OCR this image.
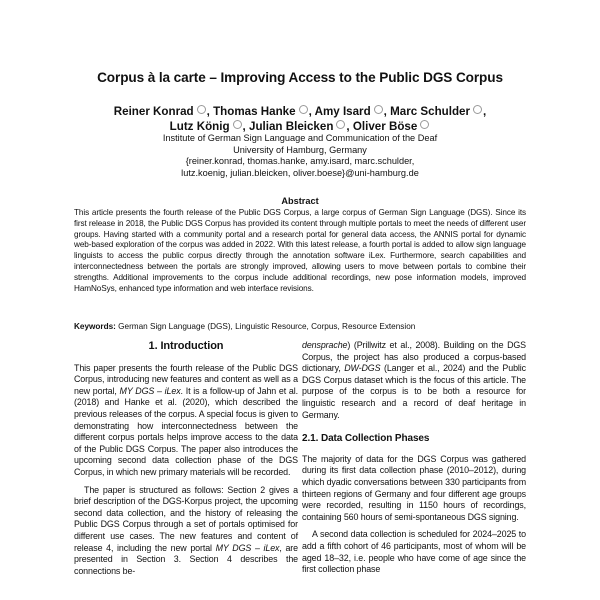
Corpus à la carte – Improving Access to the Public DGS Corpus
Reiner Konrad , Thomas Hanke , Amy Isard , Marc Schulder ,
Lutz König , Julian Bleicken , Oliver Böse
Institute of German Sign Language and Communication of the Deaf
University of Hamburg, Germany
{reiner.konrad, thomas.hanke, amy.isard, marc.schulder,
lutz.koenig, julian.bleicken, oliver.boese}@uni-hamburg.de
Abstract
This article presents the fourth release of the Public DGS Corpus, a large corpus of German Sign Language (DGS). Since its first release in 2018, the Public DGS Corpus has provided its content through multiple portals to meet the needs of different user groups. Having started with a community portal and a research portal for general data access, the ANNIS portal for dynamic web-based exploration of the corpus was added in 2022. With this latest release, a fourth portal is added to allow sign language linguists to access the public corpus directly through the annotation software iLex. Furthermore, search capabilities and interconnectedness between the portals are strongly improved, allowing users to move between portals to combine their strengths. Additional improvements to the corpus include additional recordings, new pose information models, improved HamNoSys, enhanced type information and web interface revisions.
Keywords: German Sign Language (DGS), Linguistic Resource, Corpus, Resource Extension
1. Introduction

This paper presents the fourth release of the Public DGS Corpus, introducing new features and content as well as a new portal, MY DGS – iLex. It is a follow-up of Jahn et al. (2018) and Hanke et al. (2020), which described the previous releases of the corpus. A special focus is given to demonstrating how interconnectedness between the different corpus portals helps improve access to the data of the Public DGS Corpus. The paper also introduces the upcoming second data collection phase of the DGS Corpus, in which new primary materials will be recorded.

The paper is structured as follows: Section 2 gives a brief description of the DGS-Korpus project, the upcoming second data collection, and the history of releasing the Public DGS Corpus through a set of portals optimised for different use cases. The new features and content of release 4, including the new portal MY DGS – iLex, are presented in Section 3. Section 4 describes the connections be-

densprache) (Prillwitz et al., 2008). Building on the DGS Corpus, the project has also produced a corpus-based dictionary, DW-DGS (Langer et al., 2024) and the Public DGS Corpus dataset which is the focus of this article. The purpose of the corpus is to be both a resource for linguistic research and a record of deaf heritage in Germany.

2.1. Data Collection Phases

The majority of data for the DGS Corpus was gathered during its first data collection phase (2010–2012), during which dyadic conversations between 330 participants from thirteen regions of Germany and four different age groups were recorded, resulting in 1150 hours of recordings, containing 560 hours of semi-spontaneous DGS signing.

A second data collection is scheduled for 2024–2025 to add a fifth cohort of 46 participants, most of whom will be aged 18–32, i.e. people who have come of age since the first collection phase
